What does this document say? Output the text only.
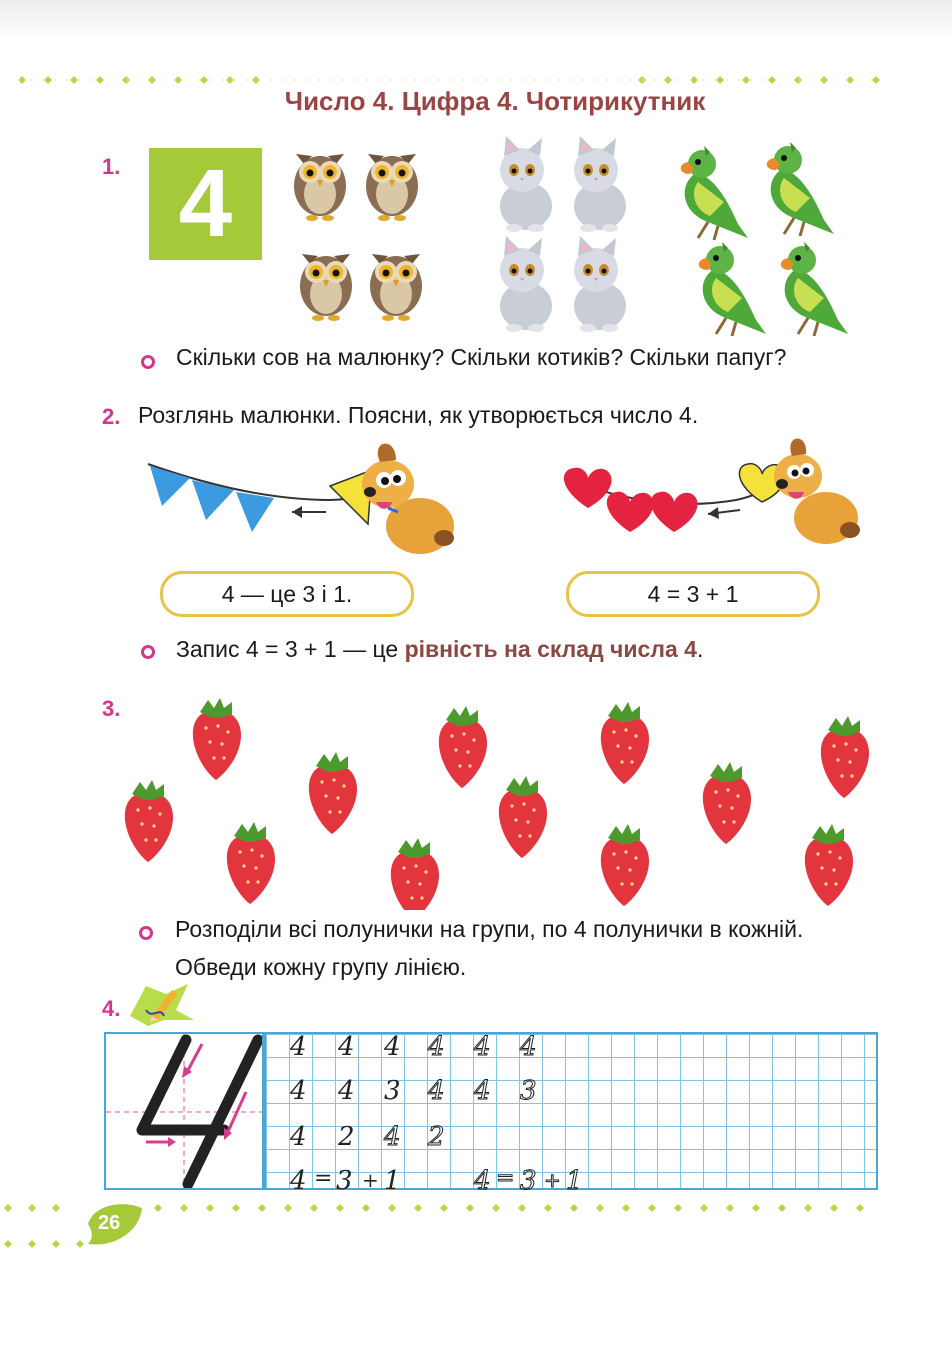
Число 4. Цифра 4. Чотирикутник
1. 4
Скільки сов на малюнку? Скільки котиків? Скільки папуг?
2. Розглянь малюнки. Поясни, як утворюється число 4.
4 — це 3 і 1.	4 = 3 + 1
Запис 4 = 3 + 1 — це рівність на склад числа 4.
3.
Розподіли всі полунички на групи, по 4 полунички в кожній.
Обведи кожну групу лінією.
4.
4 4 4 4 4 4
4 4 3 4 4 3
4 2 4 2
4 = 3 + 1	4 = 3 + 1
26
